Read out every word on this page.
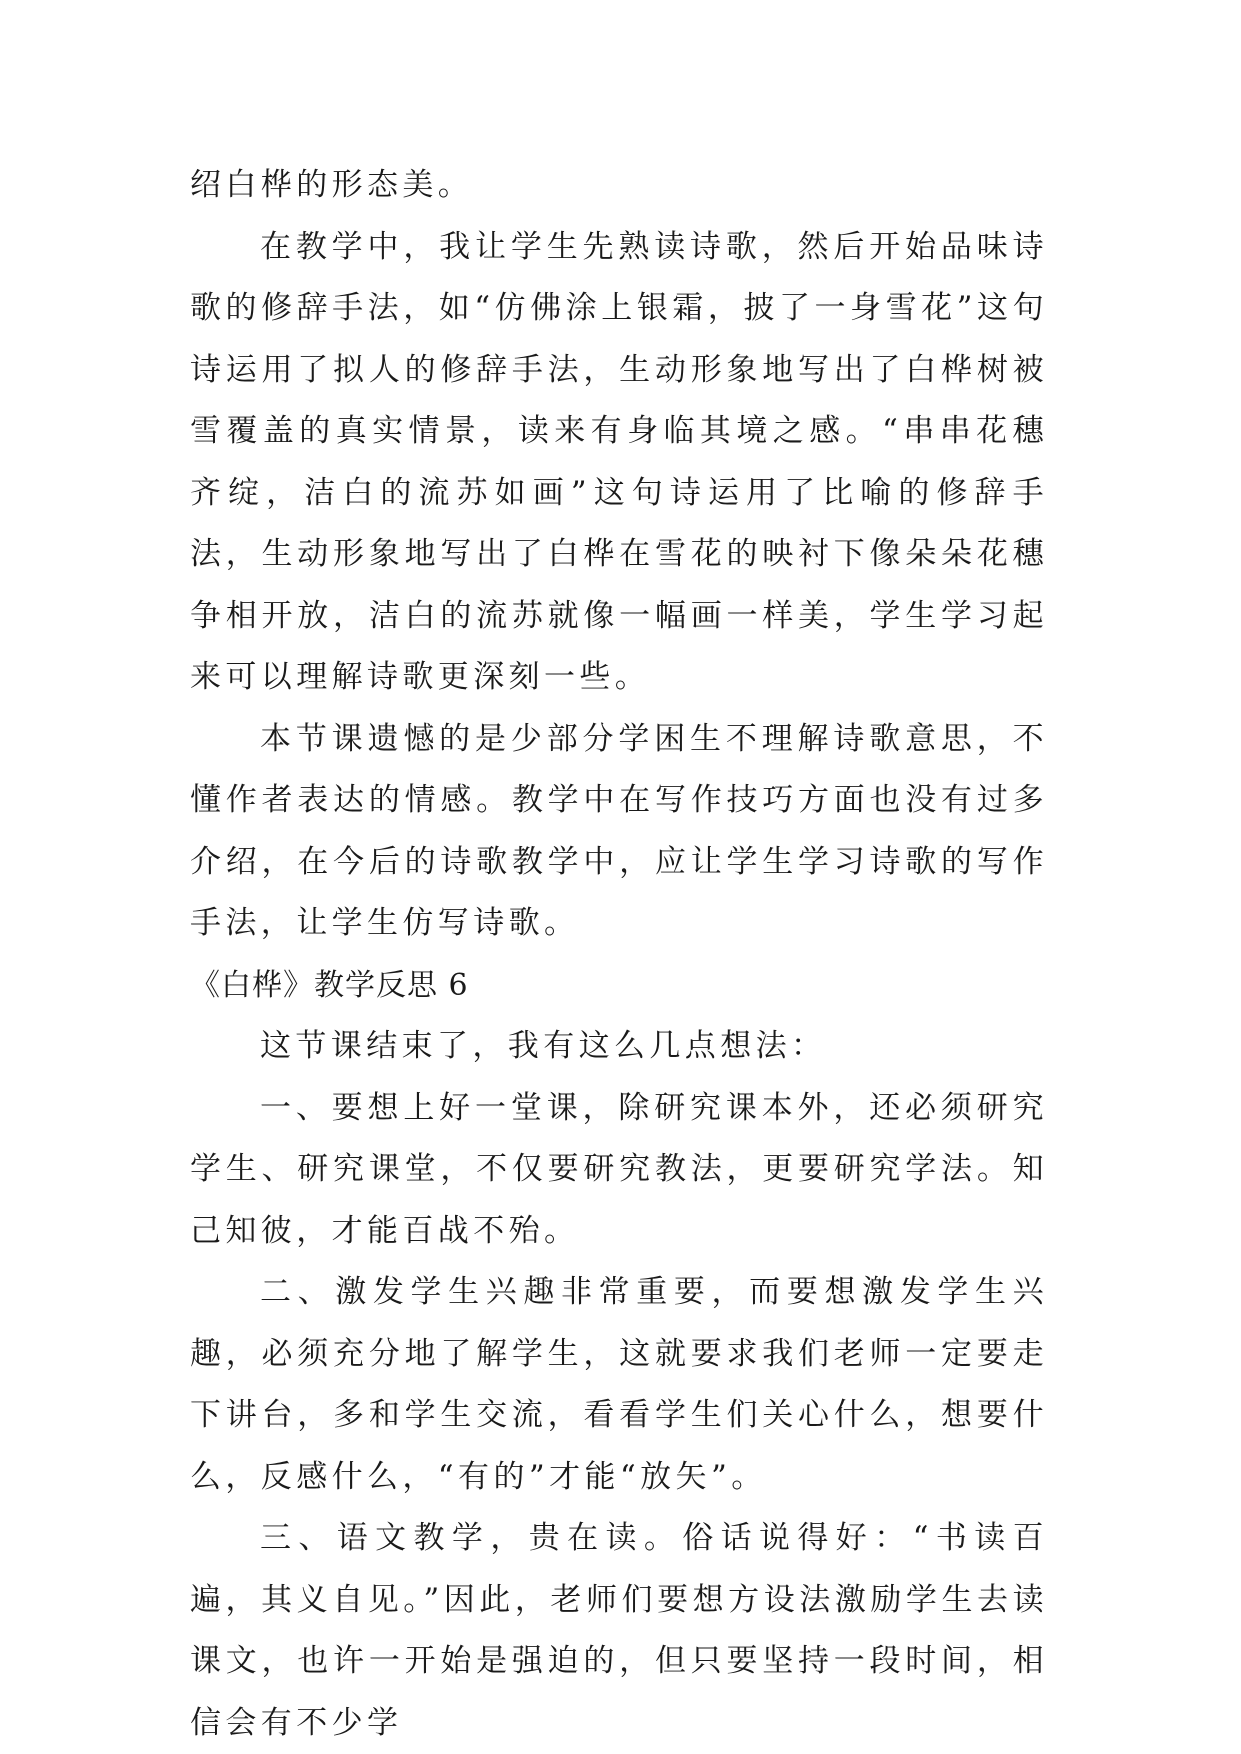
绍白桦的形态美。

在教学中，我让学生先熟读诗歌，然后开始品味诗歌的修辞手法，如“仿佛涂上银霜，披了一身雪花”这句诗运用了拟人的修辞手法，生动形象地写出了白桦树被雪覆盖的真实情景，读来有身临其境之感。“串串花穗齐绽，洁白的流苏如画”这句诗运用了比喻的修辞手法，生动形象地写出了白桦在雪花的映衬下像朵朵花穗争相开放，洁白的流苏就像一幅画一样美，学生学习起来可以理解诗歌更深刻一些。

本节课遗憾的是少部分学困生不理解诗歌意思，不懂作者表达的情感。教学中在写作技巧方面也没有过多介绍，在今后的诗歌教学中，应让学生学习诗歌的写作手法，让学生仿写诗歌。

《白桦》教学反思 6

这节课结束了，我有这么几点想法：

一、要想上好一堂课，除研究课本外，还必须研究学生、研究课堂，不仅要研究教法，更要研究学法。知己知彼，才能百战不殆。

二、激发学生兴趣非常重要，而要想激发学生兴趣，必须充分地了解学生，这就要求我们老师一定要走下讲台，多和学生交流，看看学生们关心什么，想要什么，反感什么，“有的”才能“放矢”。

三、语文教学，贵在读。俗话说得好：“书读百遍，其义自见。”因此，老师们要想方设法激励学生去读课文，也许一开始是强迫的，但只要坚持一段时间，相信会有不少学
